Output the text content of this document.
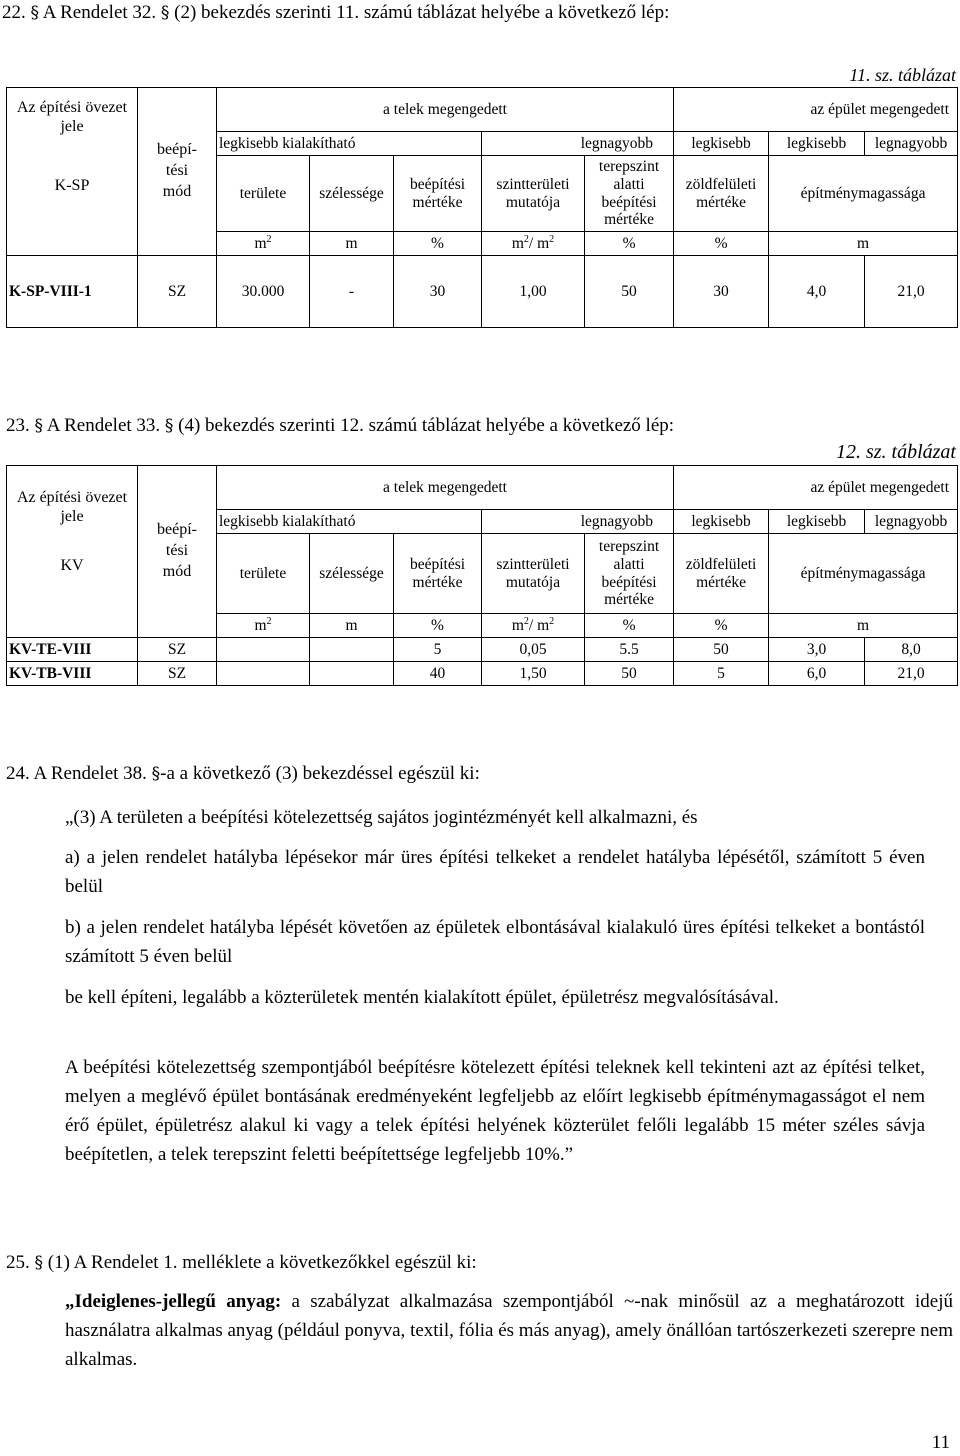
22. § A Rendelet 32. § (2) bekezdés szerinti 11. számú táblázat helyébe a következő lép:
11. sz. táblázat
Az építési övezet jele
K-SP	beépí-tési mód	a telek megengedett					az épület megengedett		
		legkisebb kialakítható			legnagyobb		legkisebb	legkisebb	legnagyobb
		területe	szélessége	beépítési mértéke	szintterületi mutatója	terepszint alatti beépítési mértéke	zöldfelületi mértéke	építménymagassága	
		$m^2$	m	%	$m^2/$ $m^2$	%	%	m	
K-SP-VIII-1	SZ	30.000	-	30	1,00	50	30	4,0	21,0
23. § A Rendelet 33. § (4) bekezdés szerinti 12. számú táblázat helyébe a következő lép:
12. sz. táblázat
Az építési övezet jele
KV	beépí-tési mód	a telek megengedett					az épület megengedett		
		legkisebb kialakítható			legnagyobb		legkisebb	legkisebb	legnagyobb
		területe	szélessége	beépítési mértéke	szintterületi mutatója	terepszint alatti beépítési mértéke	zöldfelületi mértéke	építménymagassága	
		$m^2$	m	%	$m^2/$ $m^2$	%	%	m	
KV-TE-VIII	SZ			5	0,05	5.5	50	3,0	8,0
KV-TB-VIII	SZ			40	1,50	50	5	6,0	21,0
24. A Rendelet 38. §-a a következő (3) bekezdéssel egészül ki:
„(3) A területen a beépítési kötelezettség sajátos jogintézményét kell alkalmazni, és
a) a jelen rendelet hatályba lépésekor már üres építési telkeket a rendelet hatályba lépésétől, számított 5 éven belül
b) a jelen rendelet hatályba lépését követően az épületek elbontásával kialakuló üres építési telkeket a bontástól számított 5 éven belül
be kell építeni, legalább a közterületek mentén kialakított épület, épületrész megvalósításával.
A beépítési kötelezettség szempontjából beépítésre kötelezett építési teleknek kell tekinteni azt az építési telket, melyen a meglévő épület bontásának eredményeként legfeljebb az előírt legkisebb építménymagasságot el nem érő épület, épületrész alakul ki vagy a telek építési helyének közterület felőli legalább 15 méter széles sávja beépítetlen, a telek terepszint feletti beépítettsége legfeljebb 10%.”
25. § (1) A Rendelet 1. melléklete a következőkkel egészül ki:
„Ideiglenes-jellegű anyag: a szabályzat alkalmazása szempontjából ~-nak minősül az a meghatározott idejű használatra alkalmas anyag (például ponyva, textil, fólia és más anyag), amely önállóan tartószerkezeti szerepre nem alkalmas.
11
